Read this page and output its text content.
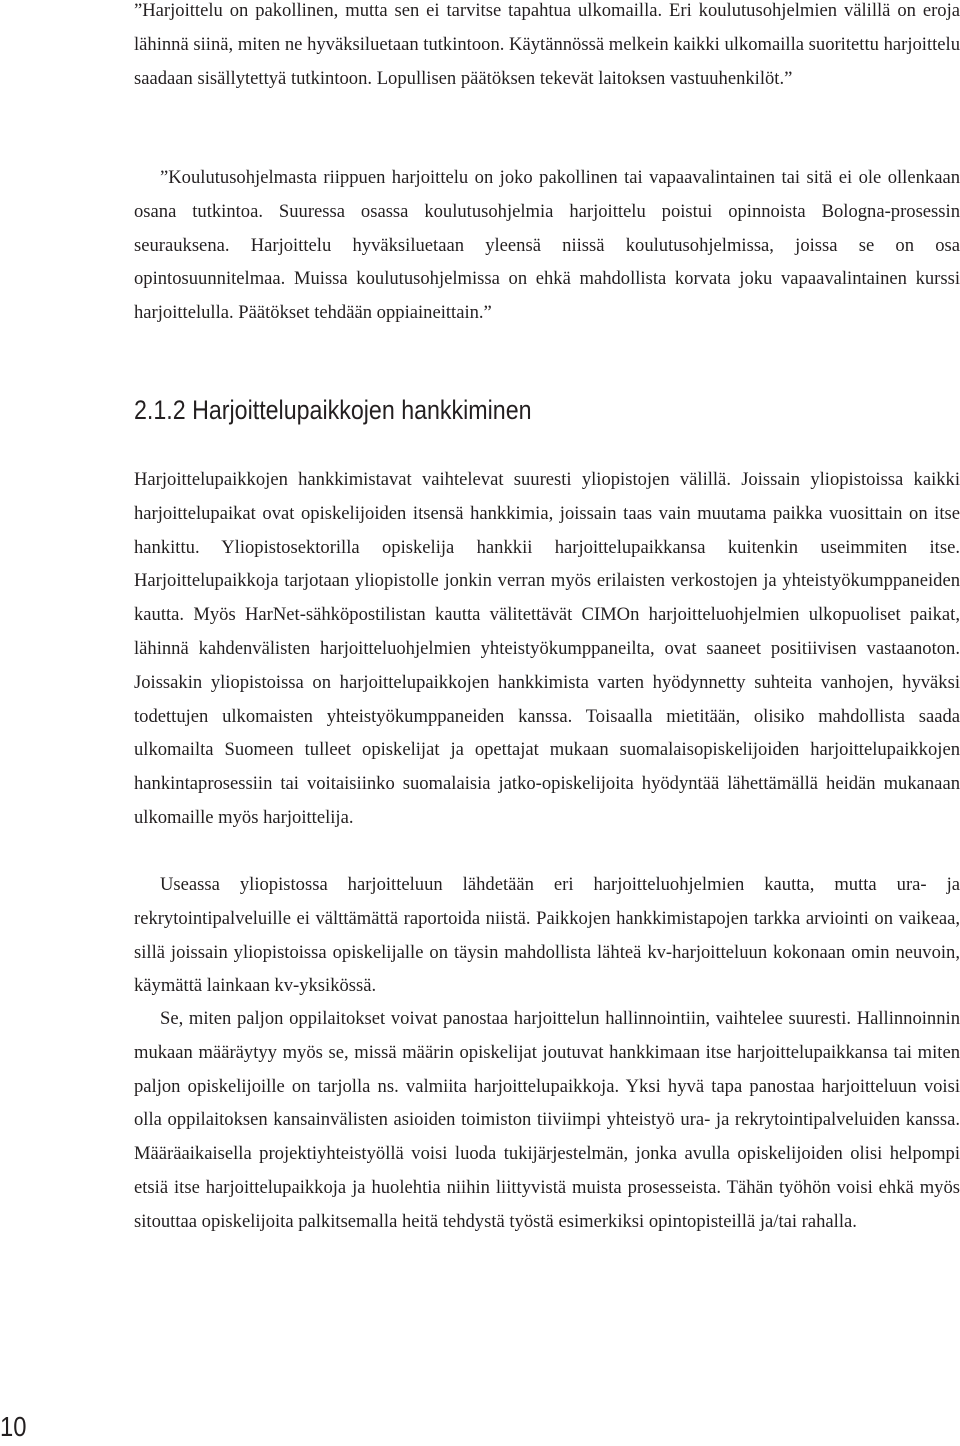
”Harjoittelu on pakollinen, mutta sen ei tarvitse tapahtua ulkomailla. Eri koulutusohjelmien välillä on eroja lähinnä siinä, miten ne hyväksiluetaan tutkintoon. Käytännössä melkein kaikki ulkomailla suoritettu harjoittelu saadaan sisällytettyä tutkintoon. Lopullisen päätöksen tekevät laitoksen vastuuhenkilöt.”

”Koulutusohjelmasta riippuen harjoittelu on joko pakollinen tai vapaavalintainen tai sitä ei ole ollenkaan osana tutkintoa. Suuressa osassa koulutusohjelmia harjoittelu poistui opinnoista Bologna-prosessin seurauksena. Harjoittelu hyväksiluetaan yleensä niissä koulutusohjelmissa, joissa se on osa opintosuunnitelmaa. Muissa koulutusohjelmissa on ehkä mahdollista korvata joku vapaavalintainen kurssi harjoittelulla. Päätökset tehdään oppiaineittain.”

2.1.2 Harjoittelupaikkojen hankkiminen

Harjoittelupaikkojen hankkimistavat vaihtelevat suuresti yliopistojen välillä. Joissain yliopistoissa kaikki harjoittelupaikat ovat opiskelijoiden itsensä hankkimia, joissain taas vain muutama paikka vuosittain on itse hankittu. Yliopistosektorilla opiskelija hankkii harjoittelupaikkansa kuitenkin useimmiten itse. Harjoittelupaikkoja tarjotaan yliopistolle jonkin verran myös erilaisten verkostojen ja yhteistyökumppaneiden kautta. Myös HarNet-sähköpostilistan kautta välitettävät CIMOn harjoitteluohjelmien ulkopuoliset paikat, lähinnä kahdenvälisten harjoitteluohjelmien yhteistyökumppaneilta, ovat saaneet positiivisen vastaanoton. Joissakin yliopistoissa on harjoittelupaikkojen hankkimista varten hyödynnetty suhteita vanhojen, hyväksi todettujen ulkomaisten yhteistyökumppaneiden kanssa. Toisaalla mietitään, olisiko mahdollista saada ulkomailta Suomeen tulleet opiskelijat ja opettajat mukaan suomalaisopiskelijoiden harjoittelupaikkojen hankintaprosessiin tai voitaisiinko suomalaisia jatko-opiskelijoita hyödyntää lähettämällä heidän mukanaan ulkomaille myös harjoittelija.

Useassa yliopistossa harjoitteluun lähdetään eri harjoitteluohjelmien kautta, mutta ura- ja rekrytointipalveluille ei välttämättä raportoida niistä. Paikkojen hankkimistapojen tarkka arviointi on vaikeaa, sillä joissain yliopistoissa opiskelijalle on täysin mahdollista lähteä kv-harjoitteluun kokonaan omin neuvoin, käymättä lainkaan kv-yksikössä.

Se, miten paljon oppilaitokset voivat panostaa harjoittelun hallinnointiin, vaihtelee suuresti. Hallinnoinnin mukaan määräytyy myös se, missä määrin opiskelijat joutuvat hankkimaan itse harjoittelupaikkansa tai miten paljon opiskelijoille on tarjolla ns. valmiita harjoittelupaikkoja. Yksi hyvä tapa panostaa harjoitteluun voisi olla oppilaitoksen kansainvälisten asioiden toimiston tiiviimpi yhteistyö ura- ja rekrytointipalveluiden kanssa. Määräaikaisella projektiyhteistyöllä voisi luoda tukijärjestelmän, jonka avulla opiskelijoiden olisi helpompi etsiä itse harjoittelupaikkoja ja huolehtia niihin liittyvistä muista prosesseista. Tähän työhön voisi ehkä myös sitouttaa opiskelijoita palkitsemalla heitä tehdystä työstä esimerkiksi opintopisteillä ja/tai rahalla.

10
